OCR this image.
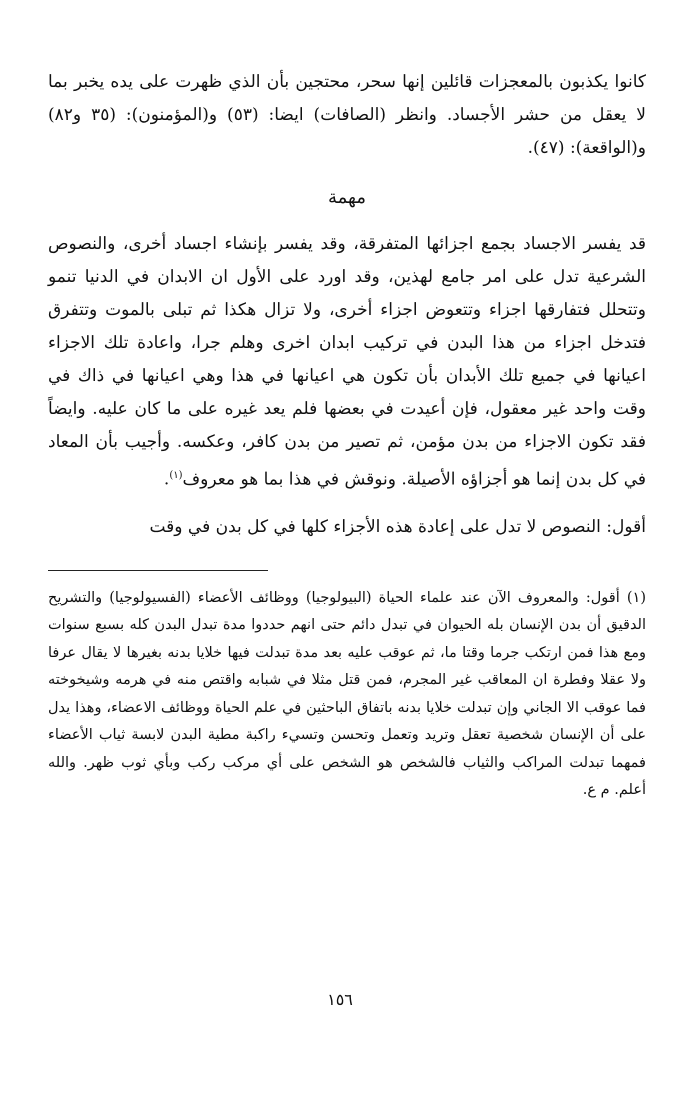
كانوا يكذبون بالمعجزات قائلين إنها سحر، محتجين بأن الذي ظهرت على يده يخبر بما لا يعقل من حشر الأجساد. وانظر (الصافات) ايضا: (٥٣) و(المؤمنون): (٣٥ و٨٢) و(الواقعة): (٤٧).

مهمة

قد يفسر الاجساد بجمع اجزائها المتفرقة، وقد يفسر بإنشاء اجساد أخرى، والنصوص الشرعية تدل على امر جامع لهذين، وقد اورد على الأول ان الابدان في الدنيا تنمو وتتحلل فتفارقها اجزاء وتتعوض اجزاء أخرى، ولا تزال هكذا ثم تبلى بالموت وتتفرق فتدخل اجزاء من هذا البدن في تركيب ابدان اخرى وهلم جرا، واعادة تلك الاجزاء اعيانها في جميع تلك الأبدان بأن تكون هي اعيانها في هذا وهي اعيانها في ذاك في وقت واحد غير معقول، فإن أعيدت في بعضها فلم يعد غيره على ما كان عليه. وايضاً فقد تكون الاجزاء من بدن مؤمن، ثم تصير من بدن كافر، وعكسه. وأجيب بأن المعاد في كل بدن إنما هو أجزاؤه الأصيلة. ونوقش في هذا بما هو معروف$^{(١)}$.

أقول: النصوص لا تدل على إعادة هذه الأجزاء كلها في كل بدن في وقت

(١) أقول: والمعروف الآن عند علماء الحياة (البيولوجيا) ووظائف الأعضاء (الفسيولوجيا) والتشريح الدقيق أن بدن الإنسان بله الحيوان في تبدل دائم حتى انهم حددوا مدة تبدل البدن كله بسبع سنوات ومع هذا فمن ارتكب جرما وقتا ما، ثم عوقب عليه بعد مدة تبدلت فيها خلايا بدنه بغيرها لا يقال عرفا ولا عقلا وفطرة ان المعاقب غير المجرم، فمن قتل مثلا في شبابه واقتص منه في هرمه وشيخوخته فما عوقب الا الجاني وإن تبدلت خلايا بدنه باتفاق الباحثين في علم الحياة ووظائف الاعضاء، وهذا يدل على أن الإنسان شخصية تعقل وتريد وتعمل وتحسن وتسيء راكبة مطية البدن لابسة ثياب الأعضاء فمهما تبدلت المراكب والثياب فالشخص هو الشخص على أي مركب ركب وبأي ثوب ظهر. والله أعلم. م ع.

١٥٦
